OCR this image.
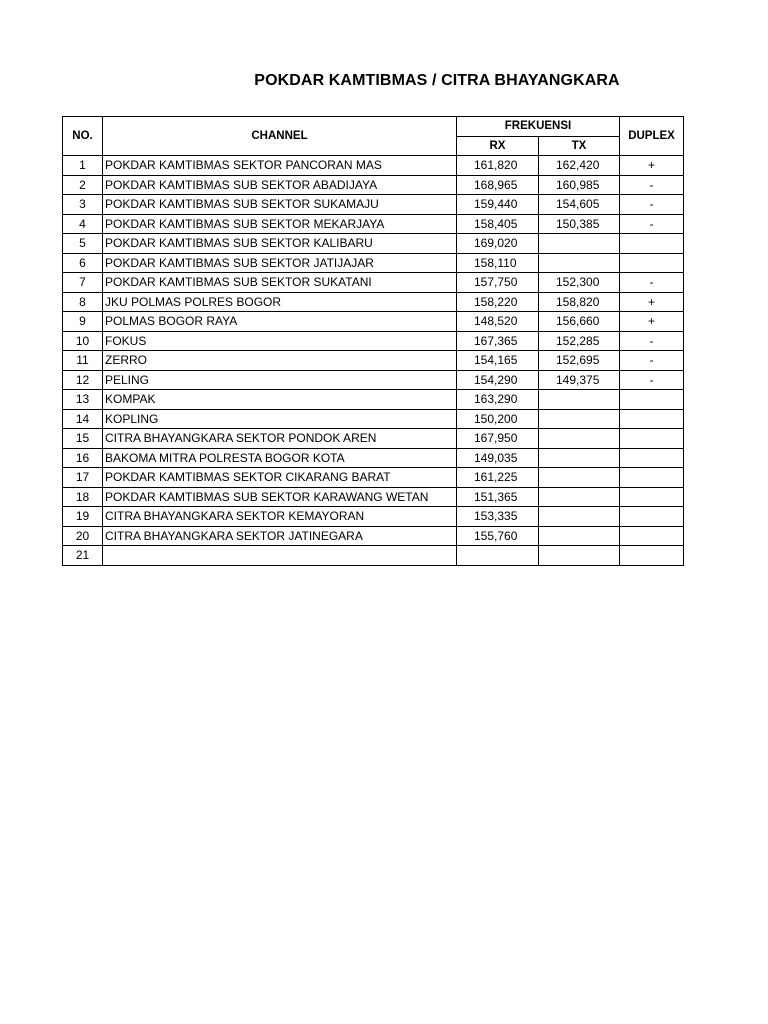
POKDAR KAMTIBMAS / CITRA BHAYANGKARA
NO.	CHANNEL	FREKUENSI		DUPLEX
		RX	TX	
1	POKDAR KAMTIBMAS SEKTOR PANCORAN MAS	161,820	162,420	+
2	POKDAR KAMTIBMAS SUB SEKTOR ABADIJAYA	168,965	160,985	-
3	POKDAR KAMTIBMAS SUB SEKTOR SUKAMAJU	159,440	154,605	-
4	POKDAR KAMTIBMAS SUB SEKTOR MEKARJAYA	158,405	150,385	-
5	POKDAR KAMTIBMAS SUB SEKTOR KALIBARU	169,020		
6	POKDAR KAMTIBMAS SUB SEKTOR JATIJAJAR	158,110		
7	POKDAR KAMTIBMAS SUB SEKTOR SUKATANI	157,750	152,300	-
8	JKU POLMAS POLRES BOGOR	158,220	158,820	+
9	POLMAS BOGOR RAYA	148,520	156,660	+
10	FOKUS	167,365	152,285	-
11	ZERRO	154,165	152,695	-
12	PELING	154,290	149,375	-
13	KOMPAK	163,290		
14	KOPLING	150,200		
15	CITRA BHAYANGKARA SEKTOR PONDOK AREN	167,950		
16	BAKOMA MITRA POLRESTA BOGOR KOTA	149,035		
17	POKDAR KAMTIBMAS SEKTOR CIKARANG BARAT	161,225		
18	POKDAR KAMTIBMAS SUB SEKTOR KARAWANG WETAN	151,365		
19	CITRA BHAYANGKARA SEKTOR KEMAYORAN	153,335		
20	CITRA BHAYANGKARA SEKTOR JATINEGARA	155,760		
21				
